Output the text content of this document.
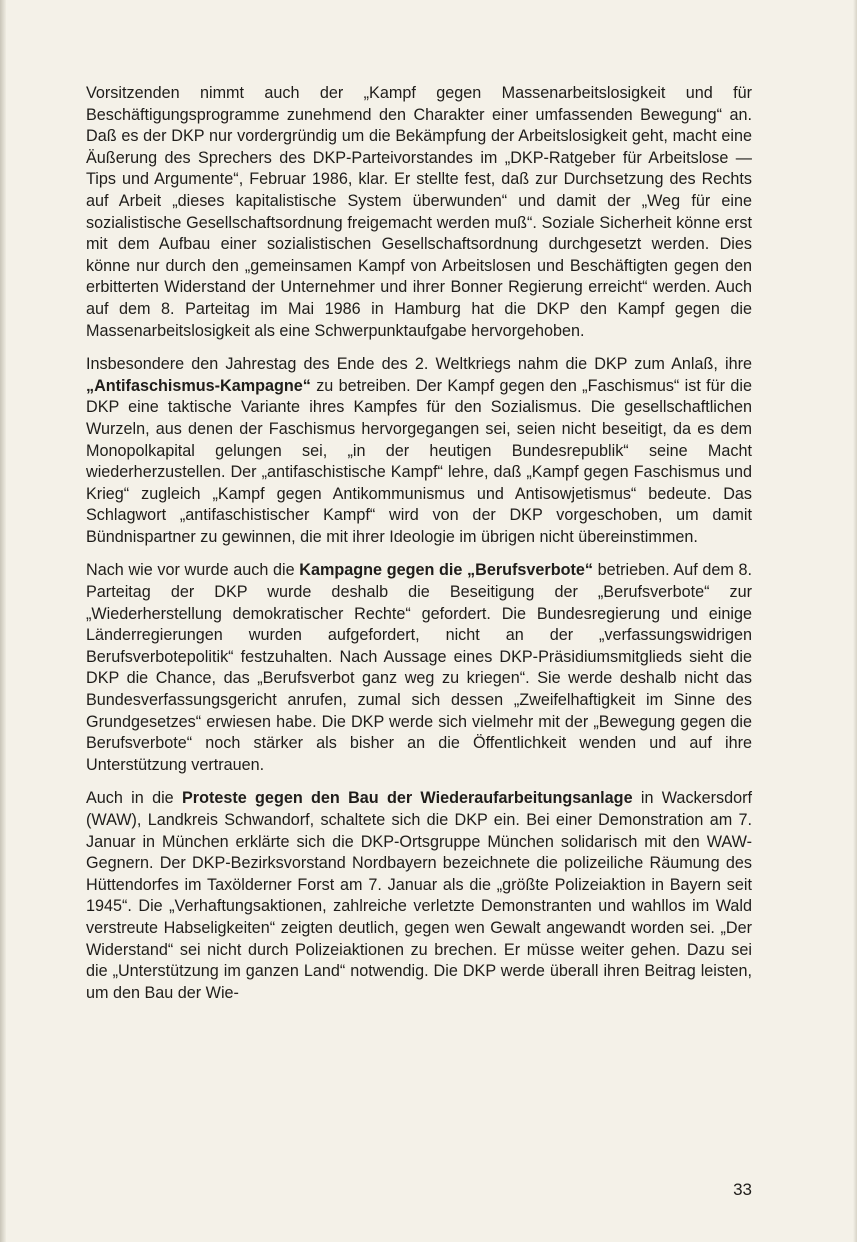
Vorsitzenden nimmt auch der „Kampf gegen Massenarbeitslosigkeit und für Beschäftigungsprogramme zunehmend den Charakter einer umfassenden Bewegung“ an. Daß es der DKP nur vordergründig um die Bekämpfung der Arbeitslosigkeit geht, macht eine Äußerung des Sprechers des DKP-Parteivorstandes im „DKP-Ratgeber für Arbeitslose — Tips und Argumente“, Februar 1986, klar. Er stellte fest, daß zur Durchsetzung des Rechts auf Arbeit „dieses kapitalistische System überwunden“ und damit der „Weg für eine sozialistische Gesellschaftsordnung freigemacht werden muß“. Soziale Sicherheit könne erst mit dem Aufbau einer sozialistischen Gesellschaftsordnung durchgesetzt werden. Dies könne nur durch den „gemeinsamen Kampf von Arbeitslosen und Beschäftigten gegen den erbitterten Widerstand der Unternehmer und ihrer Bonner Regierung erreicht“ werden. Auch auf dem 8. Parteitag im Mai 1986 in Hamburg hat die DKP den Kampf gegen die Massenarbeitslosigkeit als eine Schwerpunktaufgabe hervorgehoben.

Insbesondere den Jahrestag des Ende des 2. Weltkriegs nahm die DKP zum Anlaß, ihre „Antifaschismus-Kampagne“ zu betreiben. Der Kampf gegen den „Faschismus“ ist für die DKP eine taktische Variante ihres Kampfes für den Sozialismus. Die gesellschaftlichen Wurzeln, aus denen der Faschismus hervorgegangen sei, seien nicht beseitigt, da es dem Monopolkapital gelungen sei, „in der heutigen Bundesrepublik“ seine Macht wiederherzustellen. Der „antifaschistische Kampf“ lehre, daß „Kampf gegen Faschismus und Krieg“ zugleich „Kampf gegen Antikommunismus und Antisowjetismus“ bedeute. Das Schlagwort „antifaschistischer Kampf“ wird von der DKP vorgeschoben, um damit Bündnispartner zu gewinnen, die mit ihrer Ideologie im übrigen nicht übereinstimmen.

Nach wie vor wurde auch die Kampagne gegen die „Berufsverbote“ betrieben. Auf dem 8. Parteitag der DKP wurde deshalb die Beseitigung der „Berufsverbote“ zur „Wiederherstellung demokratischer Rechte“ gefordert. Die Bundesregierung und einige Länderregierungen wurden aufgefordert, nicht an der „verfassungswidrigen Berufsverbotepolitik“ festzuhalten. Nach Aussage eines DKP-Präsidiumsmitglieds sieht die DKP die Chance, das „Berufsverbot ganz weg zu kriegen“. Sie werde deshalb nicht das Bundesverfassungsgericht anrufen, zumal sich dessen „Zweifelhaftigkeit im Sinne des Grundgesetzes“ erwiesen habe. Die DKP werde sich vielmehr mit der „Bewegung gegen die Berufsverbote“ noch stärker als bisher an die Öffentlichkeit wenden und auf ihre Unterstützung vertrauen.

Auch in die Proteste gegen den Bau der Wiederaufarbeitungsanlage in Wackersdorf (WAW), Landkreis Schwandorf, schaltete sich die DKP ein. Bei einer Demonstration am 7. Januar in München erklärte sich die DKP-Ortsgruppe München solidarisch mit den WAW-Gegnern. Der DKP-Bezirksvorstand Nordbayern bezeichnete die polizeiliche Räumung des Hüttendorfes im Taxölderner Forst am 7. Januar als die „größte Polizeiaktion in Bayern seit 1945“. Die „Verhaftungsaktionen, zahlreiche verletzte Demonstranten und wahllos im Wald verstreute Habseligkeiten“ zeigten deutlich, gegen wen Gewalt angewandt worden sei. „Der Widerstand“ sei nicht durch Polizeiaktionen zu brechen. Er müsse weiter gehen. Dazu sei die „Unterstützung im ganzen Land“ notwendig. Die DKP werde überall ihren Beitrag leisten, um den Bau der Wie-

33
